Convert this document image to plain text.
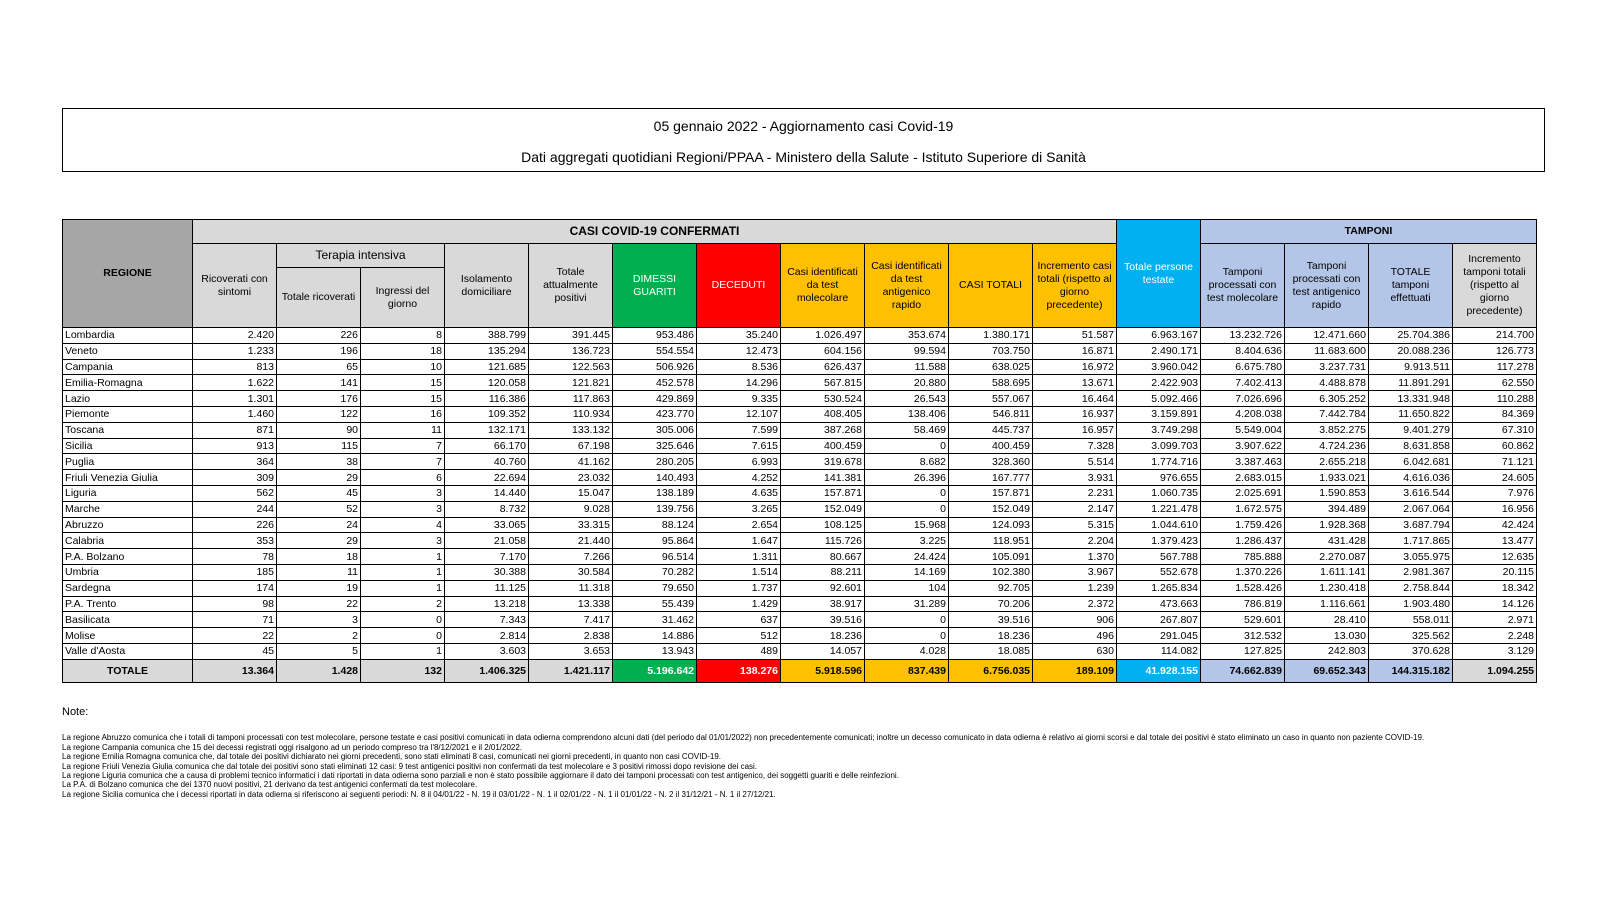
05 gennaio 2022 - Aggiornamento casi Covid-19
Dati aggregati quotidiani Regioni/PPAA - Ministero della Salute - Istituto Superiore di Sanità
REGIONE	CASI COVID-19 CONFERMATI											Totale persone testate	TAMPONI			
	Ricoverati con sintomi	Terapia intensiva		Isolamento domiciliare	Totale attualmente positivi	DIMESSI GUARITI	DECEDUTI	Casi identificati da test molecolare	Casi identificati da test antigenico rapido	CASI TOTALI	Incremento casi totali (rispetto al giorno precedente)		Tamponi processati con test molecolare	Tamponi processati con test antigenico rapido	TOTALE tamponi effettuati	Incremento tamponi totali (rispetto al giorno precedente)
		Totale ricoverati	Ingressi del giorno													
Lombardia	2.420	226	8	388.799	391.445	953.486	35.240	1.026.497	353.674	1.380.171	51.587	6.963.167	13.232.726	12.471.660	25.704.386	214.700
Veneto	1.233	196	18	135.294	136.723	554.554	12.473	604.156	99.594	703.750	16.871	2.490.171	8.404.636	11.683.600	20.088.236	126.773
Campania	813	65	10	121.685	122.563	506.926	8.536	626.437	11.588	638.025	16.972	3.960.042	6.675.780	3.237.731	9.913.511	117.278
Emilia-Romagna	1.622	141	15	120.058	121.821	452.578	14.296	567.815	20.880	588.695	13.671	2.422.903	7.402.413	4.488.878	11.891.291	62.550
Lazio	1.301	176	15	116.386	117.863	429.869	9.335	530.524	26.543	557.067	16.464	5.092.466	7.026.696	6.305.252	13.331.948	110.288
Piemonte	1.460	122	16	109.352	110.934	423.770	12.107	408.405	138.406	546.811	16.937	3.159.891	4.208.038	7.442.784	11.650.822	84.369
Toscana	871	90	11	132.171	133.132	305.006	7.599	387.268	58.469	445.737	16.957	3.749.298	5.549.004	3.852.275	9.401.279	67.310
Sicilia	913	115	7	66.170	67.198	325.646	7.615	400.459	0	400.459	7.328	3.099.703	3.907.622	4.724.236	8.631.858	60.862
Puglia	364	38	7	40.760	41.162	280.205	6.993	319.678	8.682	328.360	5.514	1.774.716	3.387.463	2.655.218	6.042.681	71.121
Friuli Venezia Giulia	309	29	6	22.694	23.032	140.493	4.252	141.381	26.396	167.777	3.931	976.655	2.683.015	1.933.021	4.616.036	24.605
Liguria	562	45	3	14.440	15.047	138.189	4.635	157.871	0	157.871	2.231	1.060.735	2.025.691	1.590.853	3.616.544	7.976
Marche	244	52	3	8.732	9.028	139.756	3.265	152.049	0	152.049	2.147	1.221.478	1.672.575	394.489	2.067.064	16.956
Abruzzo	226	24	4	33.065	33.315	88.124	2.654	108.125	15.968	124.093	5.315	1.044.610	1.759.426	1.928.368	3.687.794	42.424
Calabria	353	29	3	21.058	21.440	95.864	1.647	115.726	3.225	118.951	2.204	1.379.423	1.286.437	431.428	1.717.865	13.477
P.A. Bolzano	78	18	1	7.170	7.266	96.514	1.311	80.667	24.424	105.091	1.370	567.788	785.888	2.270.087	3.055.975	12.635
Umbria	185	11	1	30.388	30.584	70.282	1.514	88.211	14.169	102.380	3.967	552.678	1.370.226	1.611.141	2.981.367	20.115
Sardegna	174	19	1	11.125	11.318	79.650	1.737	92.601	104	92.705	1.239	1.265.834	1.528.426	1.230.418	2.758.844	18.342
P.A. Trento	98	22	2	13.218	13.338	55.439	1.429	38.917	31.289	70.206	2.372	473.663	786.819	1.116.661	1.903.480	14.126
Basilicata	71	3	0	7.343	7.417	31.462	637	39.516	0	39.516	906	267.807	529.601	28.410	558.011	2.971
Molise	22	2	0	2.814	2.838	14.886	512	18.236	0	18.236	496	291.045	312.532	13.030	325.562	2.248
Valle d'Aosta	45	5	1	3.603	3.653	13.943	489	14.057	4.028	18.085	630	114.082	127.825	242.803	370.628	3.129
TOTALE	13.364	1.428	132	1.406.325	1.421.117	5.196.642	138.276	5.918.596	837.439	6.756.035	189.109	41.928.155	74.662.839	69.652.343	144.315.182	1.094.255
Note:
La regione Abruzzo comunica che i totali di tamponi processati con test molecolare, persone testate e casi positivi comunicati in data odierna comprendono alcuni dati (del periodo dal 01/01/2022) non precedentemente comunicati; inoltre un decesso comunicato in data odierna è relativo ai giorni scorsi e dal totale dei positivi è stato eliminato un caso in quanto non paziente COVID-19.
La regione Campania comunica che 15 dei decessi registrati oggi risalgono ad un periodo compreso tra l'8/12/2021 e il 2/01/2022.
La regione Emilia Romagna comunica che, dal totale dei positivi dichiarato nei giorni precedenti, sono stati eliminati 8 casi, comunicati nei giorni precedenti, in quanto non casi COVID-19.
La regione Friuli Venezia Giulia comunica che dal totale dei positivi sono stati eliminati 12 casi: 9 test antigenici positivi non confermati da test molecolare e 3 positivi rimossi dopo revisione dei casi.
La regione Liguria comunica che a causa di problemi tecnico informatici i dati riportati in data odierna sono parziali e non è stato possibile aggiornare il dato dei tamponi processati con test antigenico, dei soggetti guariti e delle reinfezioni.
La P.A. di Bolzano comunica che dei 1370 nuovi positivi, 21 derivano da test antigenici confermati da test molecolare.
La regione Sicilia comunica che i decessi riportati in data odierna si riferiscono ai seguenti periodi: N. 8 il 04/01/22 - N. 19 il 03/01/22 - N. 1 il 02/01/22 - N. 1 il 01/01/22 - N. 2 il 31/12/21 - N. 1 il 27/12/21.
